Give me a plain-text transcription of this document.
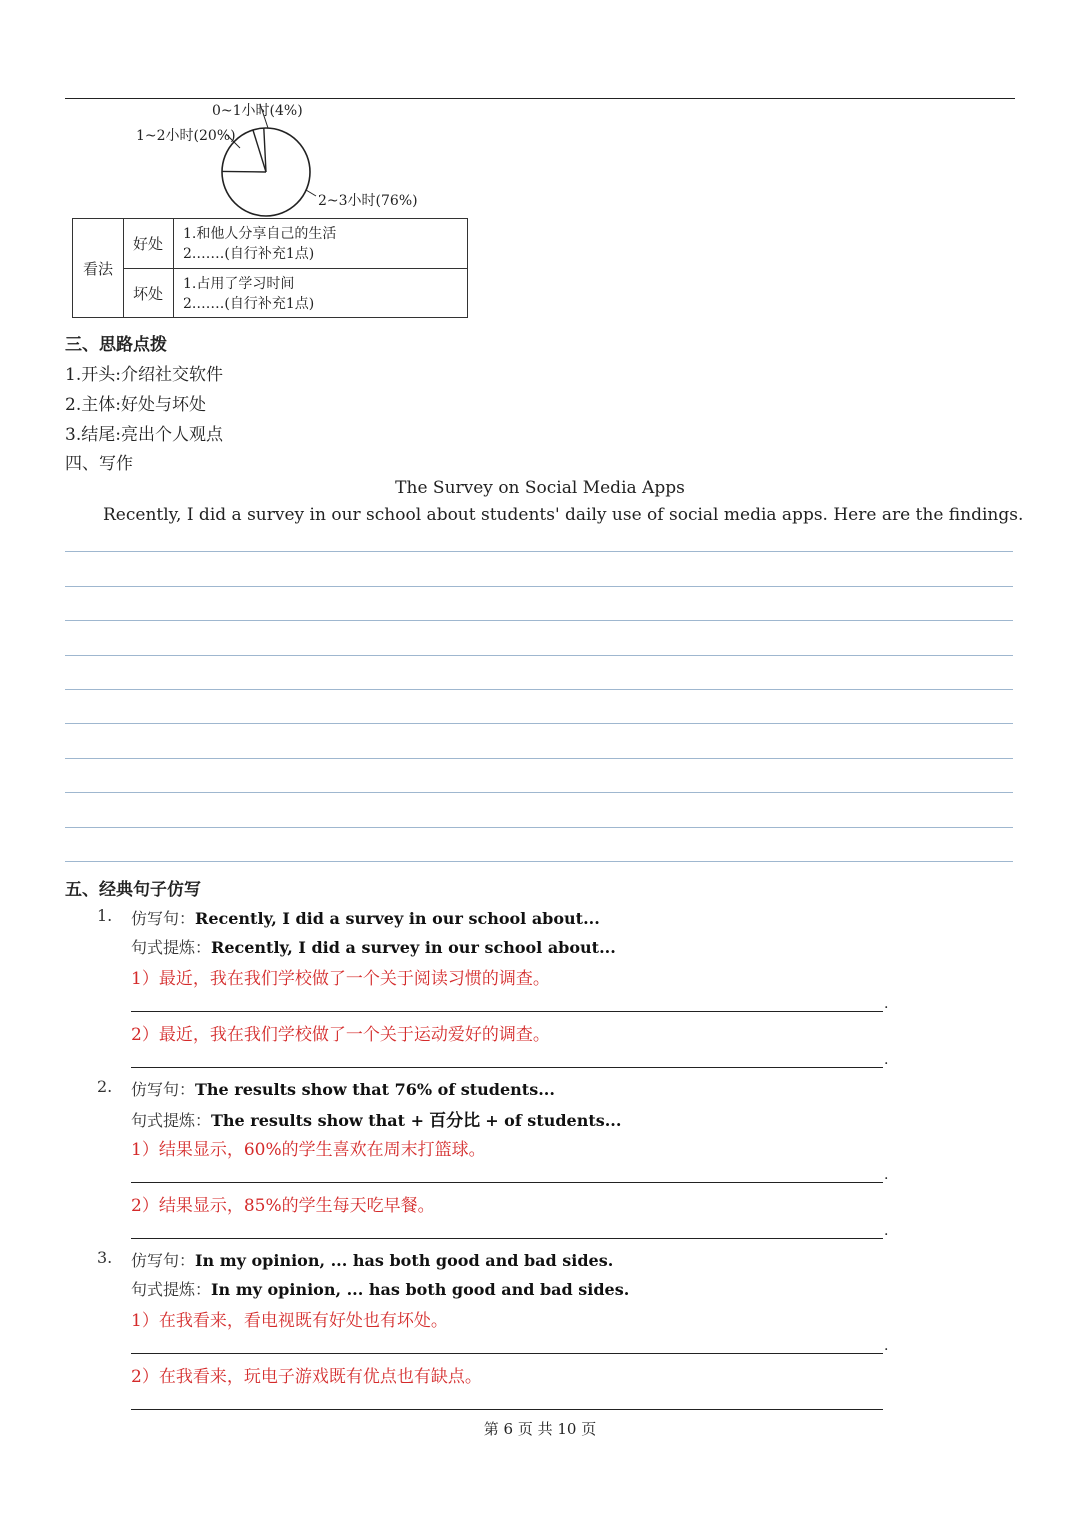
0~1小时(4%)
1~2小时(20%)
2~3小时(76%)
看法
好处
1.和他人分享自己的生活
2.……(自行补充1点)
坏处
1.占用了学习时间
2.……(自行补充1点)
三、思路点拨
1.开头:介绍社交软件
2.主体:好处与坏处
3.结尾:亮出个人观点
四、写作
The Survey on Social Media Apps
Recently, I did a survey in our school about students' daily use of social media apps. Here are the findings.
五、经典句子仿写
1. 仿写句：Recently, I did a survey in our school about...
句式提炼：Recently, I did a survey in our school about...
1）最近，我在我们学校做了一个关于阅读习惯的调查。
.
2）最近，我在我们学校做了一个关于运动爱好的调查。
.
2. 仿写句：The results show that 76% of students...
句式提炼：The results show that + 百分比 + of students...
1）结果显示，60%的学生喜欢在周末打篮球。
.
2）结果显示，85%的学生每天吃早餐。
.
3. 仿写句：In my opinion, ... has both good and bad sides.
句式提炼：In my opinion, ... has both good and bad sides.
1）在我看来，看电视既有好处也有坏处。
.
2）在我看来，玩电子游戏既有优点也有缺点。
第 6 页 共 10 页
